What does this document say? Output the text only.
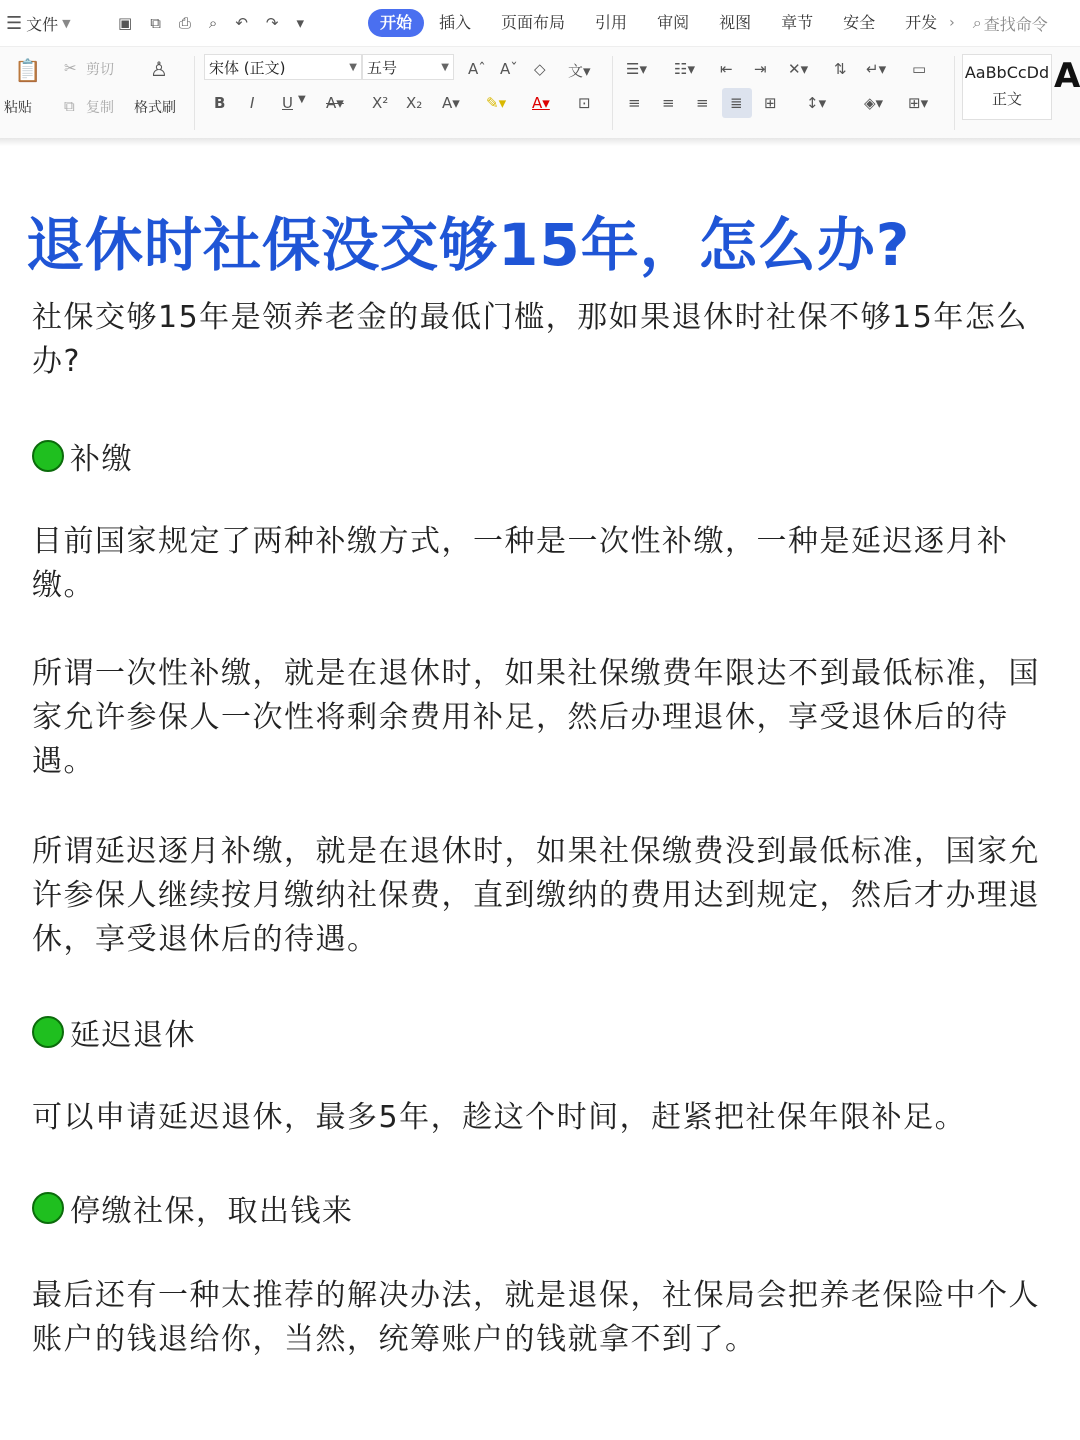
☰ 文件 ▼	▣ ⧉ ⎙ ⌕ ↶ ↷ ▾	开始	插入	页面布局	引用	审阅	视图	章节	安全	开发 ›	⌕ 查找命令
📋
粘贴
✂ 剪切
⧉ 复制
♙
格式刷
宋体 (正文)	▼ 五号	▼ Aˆ Aˇ ◇ 文▾
B I U ▼ A▾ X² X₂ A▾ ✎▾ A▾ ⊡
☰▾ ☷▾ ⇤ ⇥ ✕▾ ⇅ ↵▾ ▭
≡ ≡ ≡ ≣ ⊞ ↕▾	◈▾ ⊞▾
AaBbCcDd
正文
A
退休时社保没交够15年，怎么办?
社保交够15年是领养老金的最低门槛，那如果退休时社保不够15年怎么办?
补缴
目前国家规定了两种补缴方式，一种是一次性补缴，一种是延迟逐月补缴。
所谓一次性补缴，就是在退休时，如果社保缴费年限达不到最低标准，国家允许参保人一次性将剩余费用补足，然后办理退休，享受退休后的待遇。
所谓延迟逐月补缴，就是在退休时，如果社保缴费没到最低标准，国家允许参保人继续按月缴纳社保费，直到缴纳的费用达到规定，然后才办理退休，享受退休后的待遇。
延迟退休
可以申请延迟退休，最多5年，趁这个时间，赶紧把社保年限补足。
停缴社保，取出钱来
最后还有一种太推荐的解决办法，就是退保，社保局会把养老保险中个人账户的钱退给你，当然，统筹账户的钱就拿不到了。
